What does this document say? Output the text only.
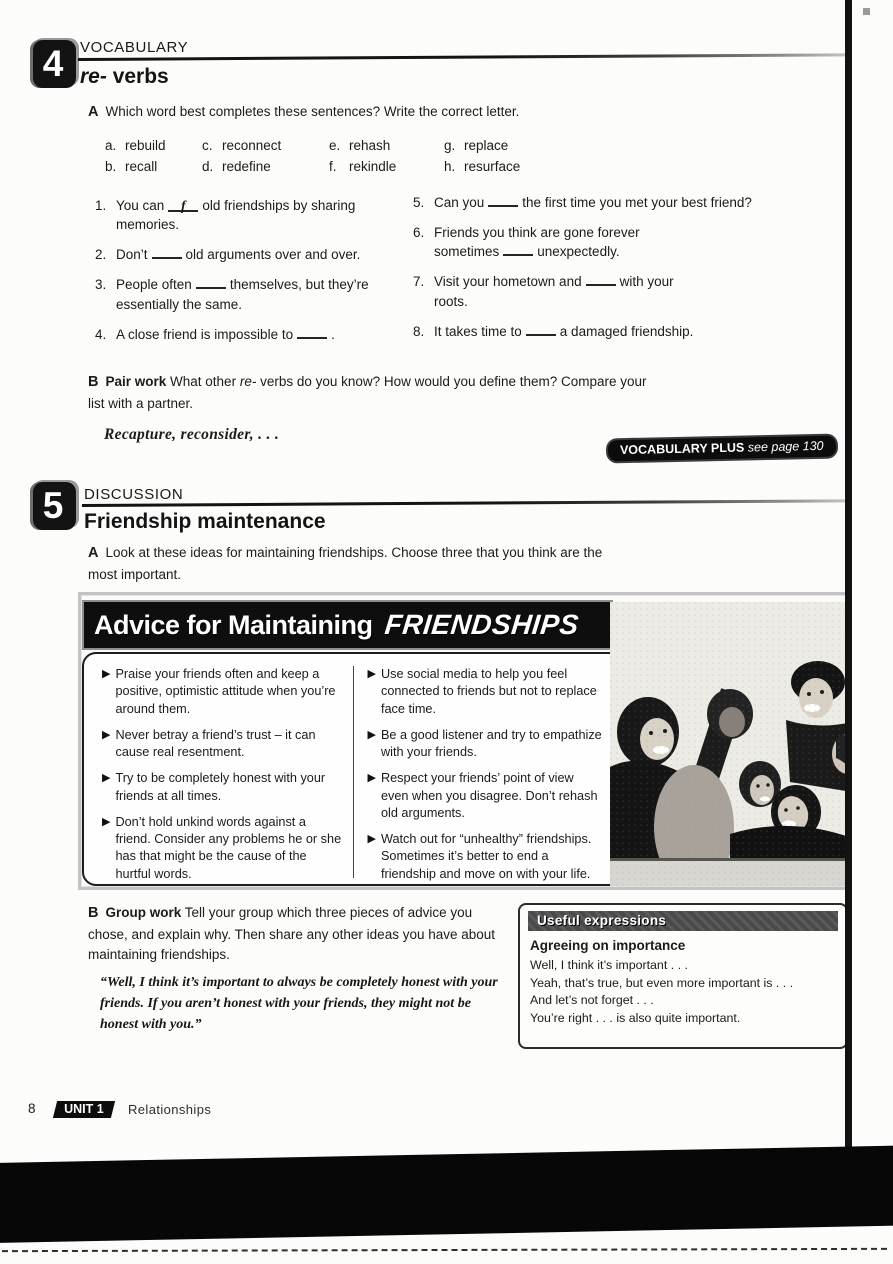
4 VOCABULARY
re- verbs
A Which word best completes these sentences? Write the correct letter.
a. rebuild	c. reconnect	e. rehash	g. replace
b. recall	d. redefine	f. rekindle	h. resurface
1. You can f old friendships by sharing memories.
2. Don’t	old arguments over and over.
3. People often	themselves, but they’re essentially the same.
4. A close friend is impossible to	.
5. Can you	the first time you met your best friend?
6. Friends you think are gone forever sometimes	unexpectedly.
7. Visit your hometown and	with your roots.
8. It takes time to	a damaged friendship.
B Pair work What other re- verbs do you know? How would you define them? Compare your list with a partner.
Recapture, reconsider, . . .
VOCABULARY PLUS see page 130
5 DISCUSSION
Friendship maintenance
A Look at these ideas for maintaining friendships. Choose three that you think are the most important.
Advice for Maintaining FRIENDSHIPS
▶ Praise your friends often and keep a positive, optimistic attitude when you’re around them.
▶ Never betray a friend’s trust – it can cause real resentment.
▶ Try to be completely honest with your friends at all times.
▶ Don’t hold unkind words against a friend. Consider any problems he or she has that might be the cause of the hurtful words.
▶ Use social media to help you feel connected to friends but not to replace face time.
▶ Be a good listener and try to empathize with your friends.
▶ Respect your friends’ point of view even when you disagree. Don’t rehash old arguments.
▶ Watch out for “unhealthy” friendships. Sometimes it’s better to end a friendship and move on with your life.
B Group work Tell your group which three pieces of advice you chose, and explain why. Then share any other ideas you have about maintaining friendships.
“Well, I think it’s important to always be completely honest with your friends. If you aren’t honest with your friends, they might not be honest with you.”
Useful expressions
Agreeing on importance
Well, I think it’s important . . .
Yeah, that’s true, but even more important is . . .
And let’s not forget . . .
You’re right . . . is also quite important.
8	UNIT 1	Relationships
